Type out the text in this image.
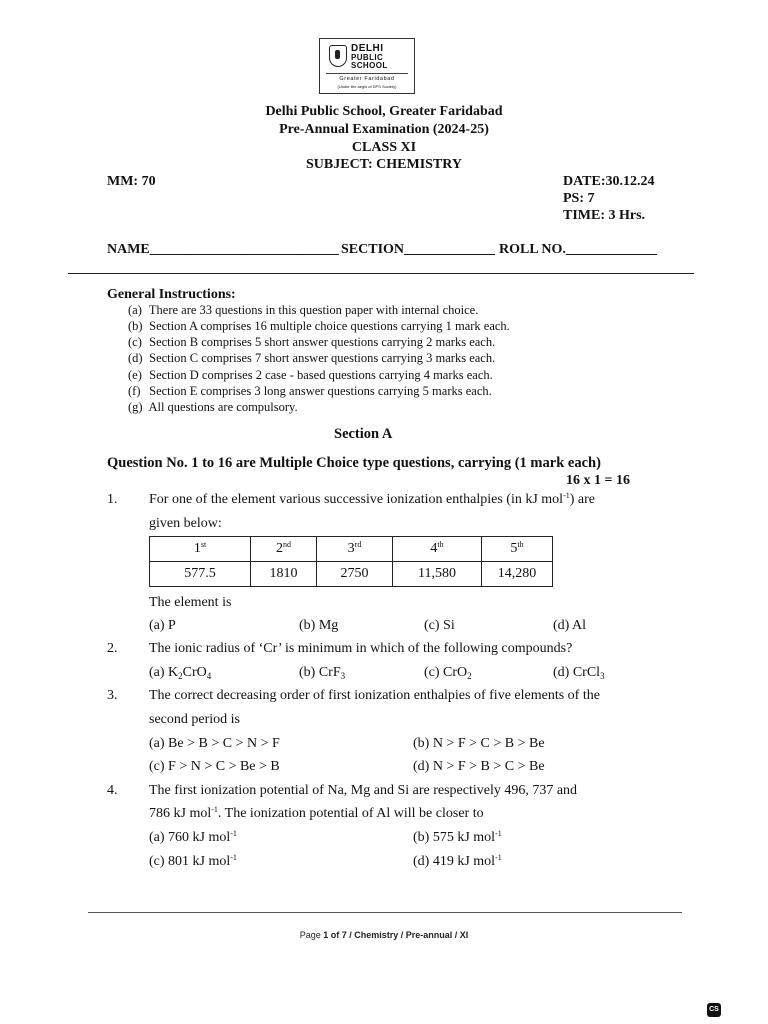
DELHI
PUBLIC
SCHOOL
Greater Faridabad
(Under the aegis of DPS Society)
Delhi Public School, Greater Faridabad
Pre-Annual Examination (2024-25)
CLASS XI
SUBJECT: CHEMISTRY
MM: 70	DATE:30.12.24
PS: 7
TIME: 3 Hrs.
NAME___________________________ SECTION_____________ ROLL NO._____________
General Instructions:
(a) There are 33 questions in this question paper with internal choice.
(b) Section A comprises 16 multiple choice questions carrying 1 mark each.
(c) Section B comprises 5 short answer questions carrying 2 marks each.
(d) Section C comprises 7 short answer questions carrying 3 marks each.
(e) Section D comprises 2 case - based questions carrying 4 marks each.
(f) Section E comprises 3 long answer questions carrying 5 marks each.
(g) All questions are compulsory.
Section A
Question No. 1 to 16 are Multiple Choice type questions, carrying (1 mark each)
16 x 1 = 16
1. For one of the element various successive ionization enthalpies (in kJ mol$^{-1}$) are
given below:
1st	2nd	3rd	4th	5th
577.5	1810	2750	11,580	14,280
The element is
(a) P	(b) Mg	(c) Si	(d) Al
2. The ionic radius of ‘Cr’ is minimum in which of the following compounds?
(a) $K_2CrO_4$	(b) CrF$_3$	(c) CrO$_2$	(d) CrCl$_3$
3. The correct decreasing order of first ionization enthalpies of five elements of the
second period is
(a) Be > B > C > N > F	(b) N > F > C > B > Be
(c) F > N > C > Be > B	(d) N > F > B > C > Be
4. The first ionization potential of Na, Mg and Si are respectively 496, 737 and
786 kJ mol$^{-1}$. The ionization potential of Al will be closer to
(a) 760 kJ mol$^{-1}$	(b) 575 kJ mol$^{-1}$
(c) 801 kJ mol$^{-1}$	(d) 419 kJ mol$^{-1}$
Page 1 of 7 / Chemistry / Pre-annual / XI
CS
